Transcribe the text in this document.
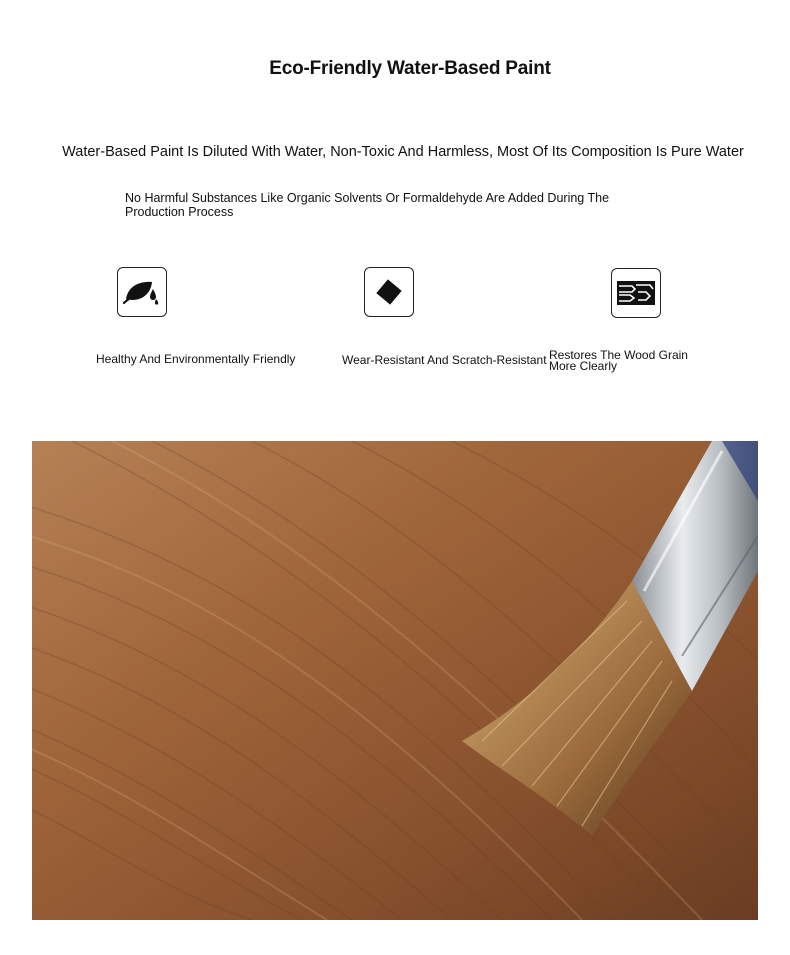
Eco-Friendly Water-Based Paint
Water-Based Paint Is Diluted With Water, Non-Toxic And Harmless, Most Of Its Composition Is Pure Water
No Harmful Substances Like Organic Solvents Or Formaldehyde Are Added During The Production Process
Healthy And Environmentally Friendly	Wear-Resistant And Scratch-Resistant Restores The Wood Grain
More Clearly
